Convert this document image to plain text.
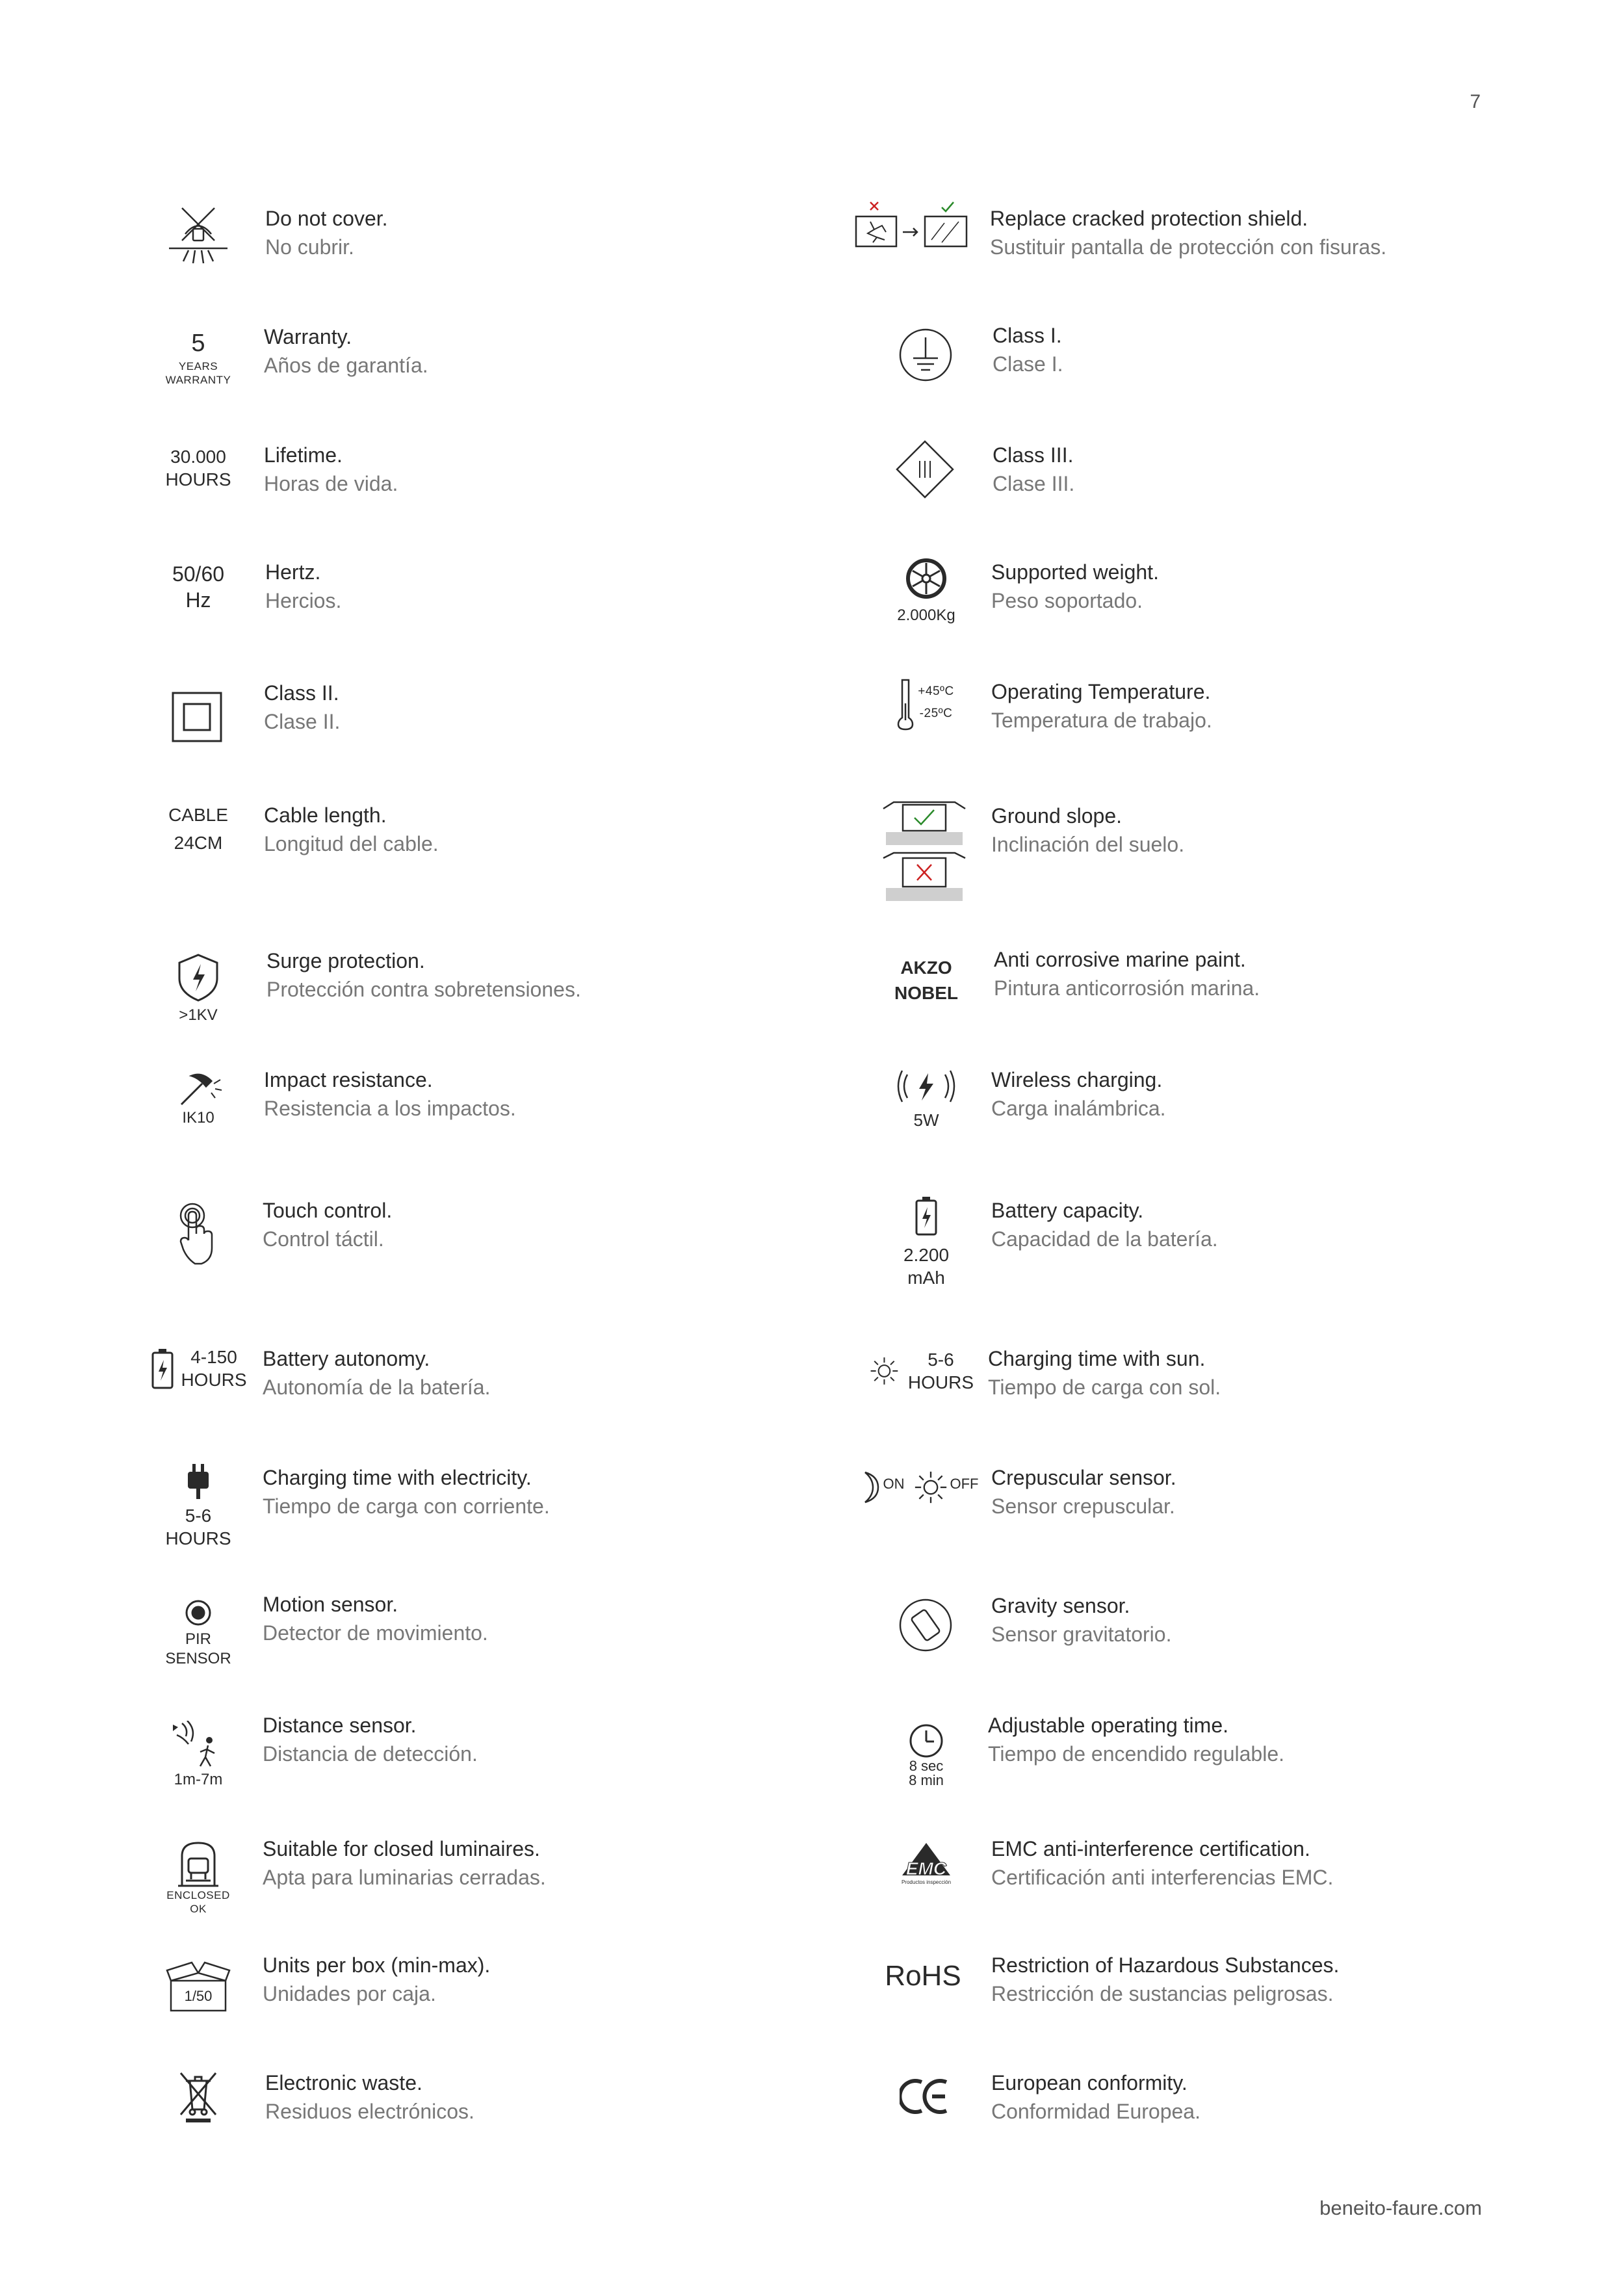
7
Do not cover.
No cubrir.
5
YEARS
WARRANTY
Warranty.
Años de garantía.
30.000
HOURS
Lifetime.
Horas de vida.
50/60
Hz
Hertz.
Hercios.
Class II.
Clase II.
CABLE
24CM
Cable length.
Longitud del cable.
>1KV
Surge protection.
Protección contra sobretensiones.
IK10
Impact resistance.
Resistencia a los impactos.
Touch control.
Control táctil.
4-150
HOURS
Battery autonomy.
Autonomía de la batería.
5-6
HOURS
Charging time with electricity.
Tiempo de carga con corriente.
PIR
SENSOR
Motion sensor.
Detector de movimiento.
1m-7m
Distance sensor.
Distancia de detección.
ENCLOSED
OK
Suitable for closed luminaires.
Apta para luminarias cerradas.
1/50
Units per box (min-max).
Unidades por caja.
Electronic waste.
Residuos electrónicos.
Replace cracked protection shield.
Sustituir pantalla de protección con fisuras.
Class I.
Clase I.
Class III.
Clase III.
2.000Kg
Supported weight.
Peso soportado.
+45ºC
-25ºC
Operating Temperature.
Temperatura de trabajo.
Ground slope.
Inclinación del suelo.
AKZO
NOBEL
Anti corrosive marine paint.
Pintura anticorrosión marina.
5W
Wireless charging.
Carga inalámbrica.
2.200
mAh
Battery capacity.
Capacidad de la batería.
5-6
HOURS
Charging time with sun.
Tiempo de carga con sol.
ON	OFF Crepuscular sensor.
Sensor crepuscular.
Gravity sensor.
Sensor gravitatorio.
8 sec
8 min
Adjustable operating time.
Tiempo de encendido regulable.
EMC
Productos inspección
EMC anti-interference certification.
Certificación anti interferencias EMC.
RoHS Restriction of Hazardous Substances.
Restricción de sustancias peligrosas.
European conformity.
Conformidad Europea.
beneito-faure.com
